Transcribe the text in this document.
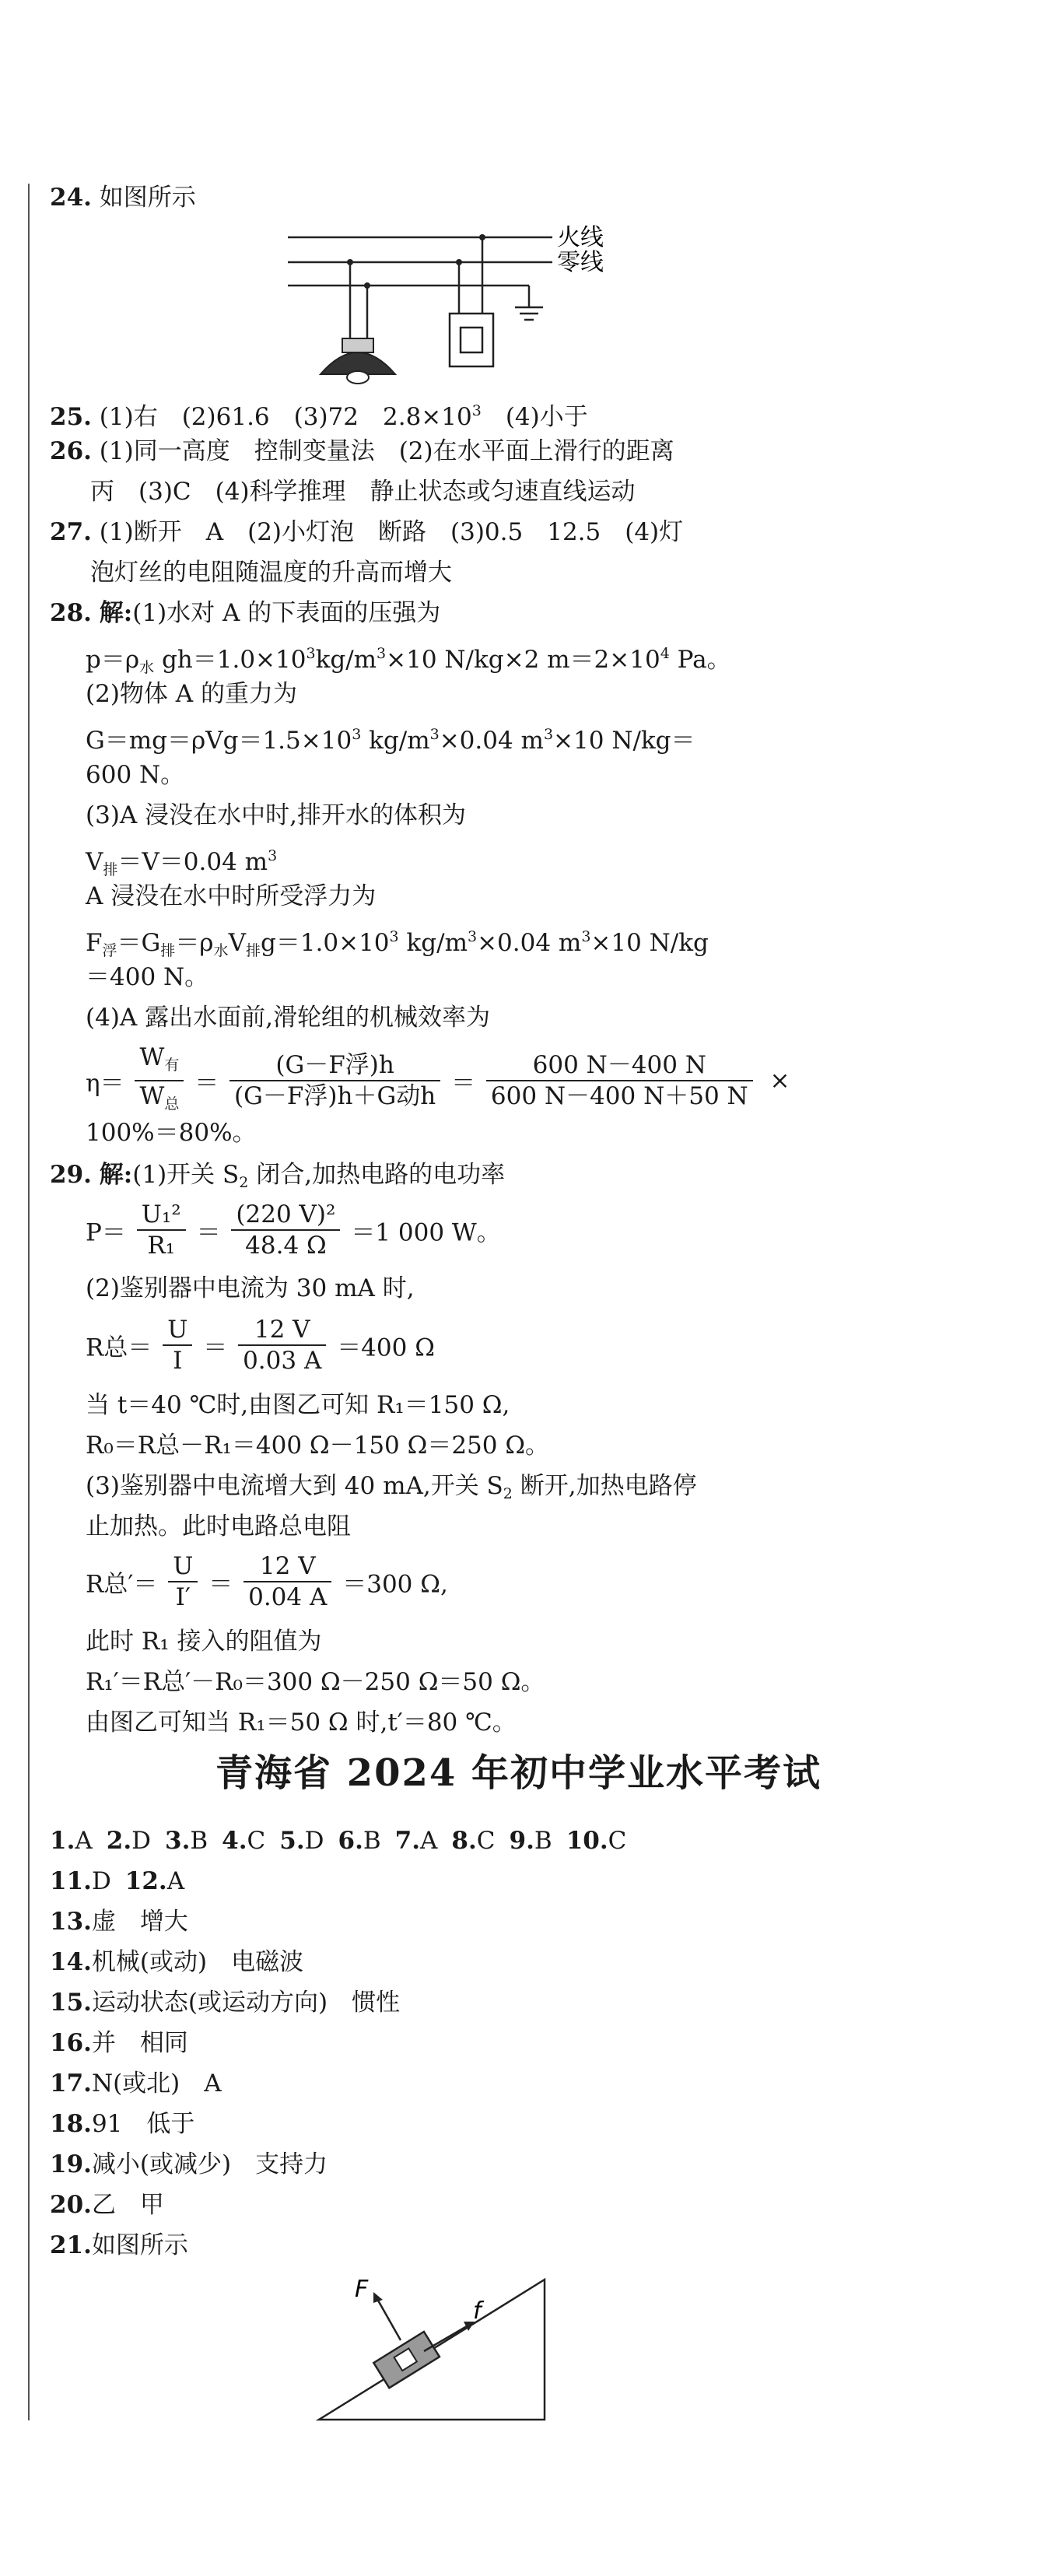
24. 如图所示
火线
零线
25. (1)右　(2)61.6　(3)72　$2.8\times 10^3$　(4)小于
26. (1)同一高度　控制变量法　(2)在水平面上滑行的距离
丙　(3)C　(4)科学推理　静止状态或匀速直线运动
27. (1)断开　A　(2)小灯泡　断路　(3)0.5　12.5　(4)灯
泡灯丝的电阻随温度的升高而增大
28. 解:(1)水对 A 的下表面的压强为
$p=\rho_水$ $gh=1.0\times 10^3kg/m^3\times 10$ N/kg×2 $m=2\times 10^4$ Pa。
(2)物体 A 的重力为
$G=mg=\rho Vg=1.5\times 10^3$ $kg/m^3\times 0.04$ $m^3\times 10$ N/kg＝
600 N。
(3)A 浸没在水中时,排开水的体积为
$V_排=V=0.04$ $m^3$
A 浸没在水中时所受浮力为
$F_浮=G_排=\rho_水V_排g=1.0\times 10^3$ $kg/m^3\times 0.04$ $m^3\times 10$ N/kg
＝400 N。
(4)A 露出水面前,滑轮组的机械效率为
$\eta= \frac{W_有}{W_总} = \frac{\text{(G－F浮)h}}{\text{(G－F浮)h＋G动h}} = \frac{600 N-400 N}{600 N-400 N+50 N}$ ×
100%＝80%。
29. 解:(1)开关 $S_2$ 闭合,加热电路的电功率
$P= \frac{\text{U₁²}}{\text{R₁}} = \frac{\text{(220 V)²}}{48.4 \Omega} =1$ 000 W。
(2)鉴别器中电流为 30 mA 时,
R总＝ $\frac{U}{I} = \frac{12 V}{0.03 A} =400$ Ω
当 t＝40 ℃时,由图乙可知 R₁＝150 Ω,
R₀＝R总－R₁＝400 Ω－150 Ω＝250 Ω。
(3)鉴别器中电流增大到 40 mA,开关 $S_2$ 断开,加热电路停
止加热。此时电路总电阻
R总′＝ $\frac{U}{I'} = \frac{12 V}{0.04 A} =300$ Ω,
此时 R₁ 接入的阻值为
R₁′＝R总′－R₀＝300 Ω－250 Ω＝50 Ω。
由图乙可知当 R₁＝50 Ω 时,t′＝80 ℃。
青海省 2024 年初中学业水平考试
1.A 2.D 3.B 4.C 5.D 6.B 7.A 8.C 9.B 10.C
11.D 12.A
13.虚　增大
14.机械(或动)　电磁波
15.运动状态(或运动方向)　惯性
16.并　相同
17.N(或北)　A
18.91　低于
19.减小(或减少)　支持力
20.乙　甲
21.如图所示
F
f
